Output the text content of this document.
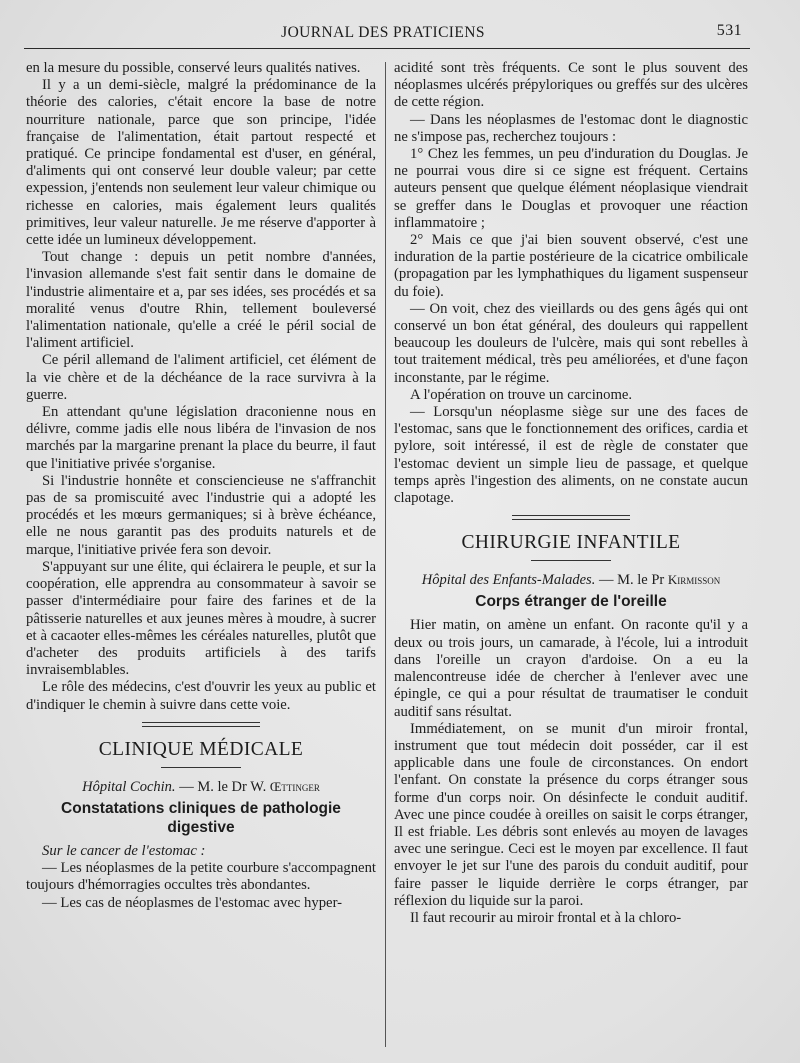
JOURNAL DES PRATICIENS	531

en la mesure du possible, conservé leurs qualités natives.

Il y a un demi-siècle, malgré la prédominance de la théorie des calories, c'était encore la base de notre nourriture nationale, parce que son principe, l'idée française de l'alimentation, était partout respecté et pratiqué. Ce principe fondamental est d'user, en général, d'aliments qui ont conservé leur double valeur; par cette expession, j'entends non seulement leur valeur chimique ou richesse en calories, mais également leurs qualités primitives, leur valeur naturelle. Je me réserve d'apporter à cette idée un lumineux développement.

Tout change : depuis un petit nombre d'années, l'invasion allemande s'est fait sentir dans le domaine de l'industrie alimentaire et a, par ses idées, ses procédés et sa moralité venus d'outre Rhin, tellement bouleversé l'alimentation nationale, qu'elle a créé le péril social de l'aliment artificiel.

Ce péril allemand de l'aliment artificiel, cet élément de la vie chère et de la déchéance de la race survivra à la guerre.

En attendant qu'une législation draconienne nous en délivre, comme jadis elle nous libéra de l'invasion de nos marchés par la margarine prenant la place du beurre, il faut que l'initiative privée s'organise.

Si l'industrie honnête et consciencieuse ne s'affranchit pas de sa promiscuité avec l'industrie qui a adopté les procédés et les mœurs germaniques; si à brève échéance, elle ne nous garantit pas des produits naturels et de marque, l'initiative privée fera son devoir.

S'appuyant sur une élite, qui éclairera le peuple, et sur la coopération, elle apprendra au consommateur à savoir se passer d'intermédiaire pour faire des farines et de la pâtisserie naturelles et aux jeunes mères à moudre, à sucrer et à cacaoter elles-mêmes les céréales naturelles, plutôt que d'acheter des produits artificiels à des tarifs invraisemblables.

Le rôle des médecins, c'est d'ouvrir les yeux au public et d'indiquer le chemin à suivre dans cette voie.

CLINIQUE MÉDICALE
Hôpital Cochin. — M. le Dr W. Œttinger
Constatations cliniques de pathologie digestive

Sur le cancer de l'estomac :

— Les néoplasmes de la petite courbure s'accompagnent toujours d'hémorragies occultes très abondantes.

— Les cas de néoplasmes de l'estomac avec hyper-

acidité sont très fréquents. Ce sont le plus souvent des néoplasmes ulcérés prépyloriques ou greffés sur des ulcères de cette région.

— Dans les néoplasmes de l'estomac dont le diagnostic ne s'impose pas, recherchez toujours :

1° Chez les femmes, un peu d'induration du Douglas. Je ne pourrai vous dire si ce signe est fréquent. Certains auteurs pensent que quelque élément néoplasique viendrait se greffer dans le Douglas et provoquer une réaction inflammatoire ;

2° Mais ce que j'ai bien souvent observé, c'est une induration de la partie postérieure de la cicatrice ombilicale (propagation par les lymphathiques du ligament suspenseur du foie).

— On voit, chez des vieillards ou des gens âgés qui ont conservé un bon état général, des douleurs qui rappellent beaucoup les douleurs de l'ulcère, mais qui sont rebelles à tout traitement médical, très peu améliorées, et d'une façon inconstante, par le régime.

A l'opération on trouve un carcinome.

— Lorsqu'un néoplasme siège sur une des faces de l'estomac, sans que le fonctionnement des orifices, cardia et pylore, soit intéressé, il est de règle de constater que l'estomac devient un simple lieu de passage, et quelque temps après l'ingestion des aliments, on ne constate aucun clapotage.

CHIRURGIE INFANTILE
Hôpital des Enfants-Malades. — M. le Pr Kirmisson
Corps étranger de l'oreille

Hier matin, on amène un enfant. On raconte qu'il y a deux ou trois jours, un camarade, à l'école, lui a introduit dans l'oreille un crayon d'ardoise. On a eu la malencontreuse idée de chercher à l'enlever avec une épingle, ce qui a pour résultat de traumatiser le conduit auditif sans résultat.

Immédiatement, on se munit d'un miroir frontal, instrument que tout médecin doit posséder, car il est applicable dans une foule de circonstances. On endort l'enfant. On constate la présence du corps étranger sous forme d'un corps noir. On désinfecte le conduit auditif. Avec une pince coudée à oreilles on saisit le corps étranger, Il est friable. Les débris sont enlevés au moyen de lavages avec une seringue. Ceci est le moyen par excellence. Il faut envoyer le jet sur l'une des parois du conduit auditif, pour faire passer le liquide derrière le corps étranger, par réflexion du liquide sur la paroi.

Il faut recourir au miroir frontal et à la chloro-
